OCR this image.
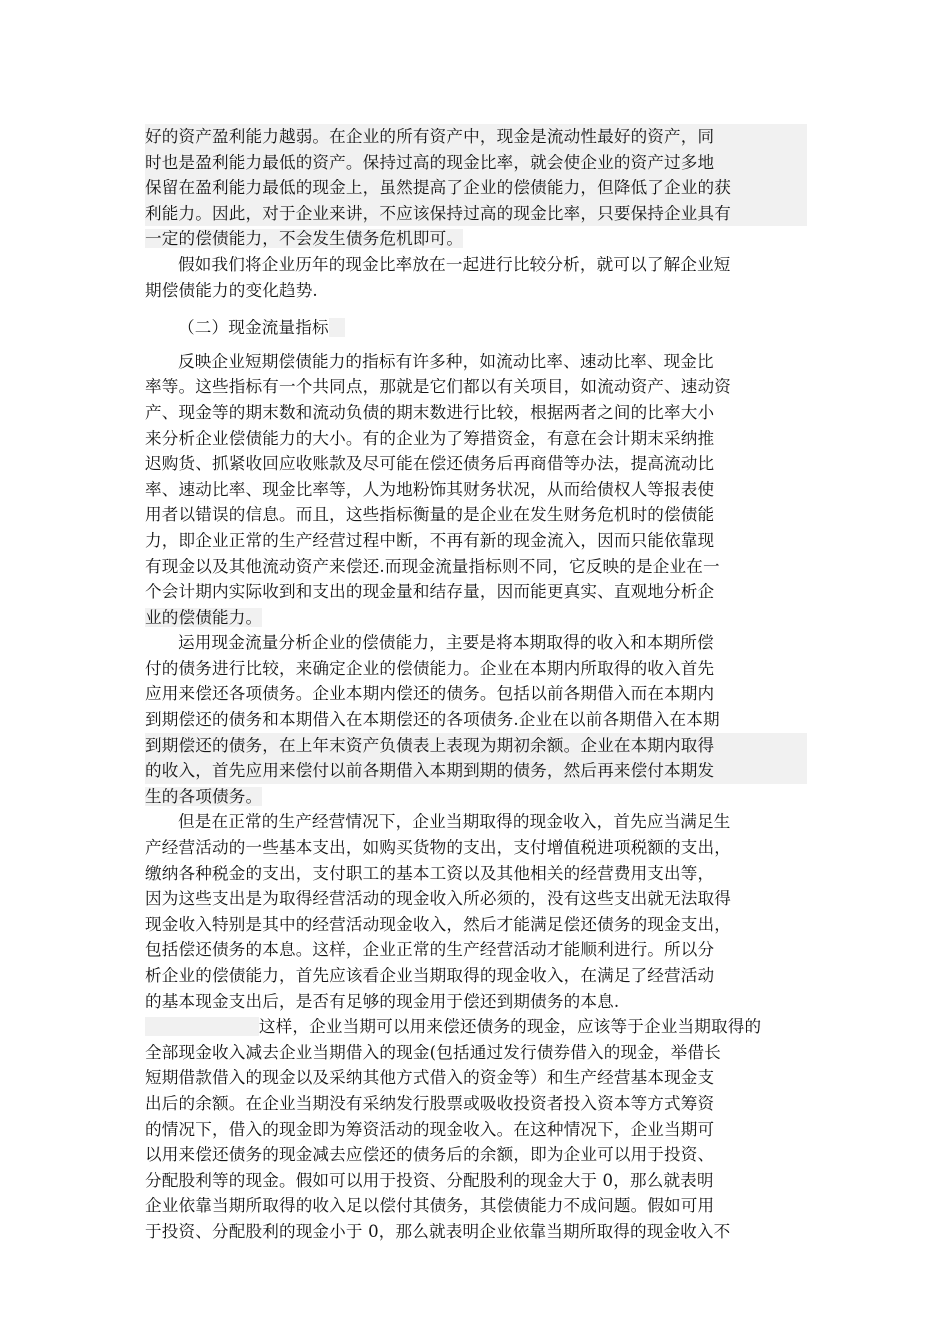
好的资产盈利能力越弱。在企业的所有资产中，现金是流动性最好的资产，同
时也是盈利能力最低的资产。保持过高的现金比率，就会使企业的资产过多地
保留在盈利能力最低的现金上，虽然提高了企业的偿债能力，但降低了企业的获
利能力。因此，对于企业来讲，不应该保持过高的现金比率，只要保持企业具有
一定的偿债能力，不会发生债务危机即可。
假如我们将企业历年的现金比率放在一起进行比较分析，就可以了解企业短
期偿债能力的变化趋势.
（二）现金流量指标
反映企业短期偿债能力的指标有许多种，如流动比率、速动比率、现金比
率等。这些指标有一个共同点，那就是它们都以有关项目，如流动资产、速动资
产、现金等的期末数和流动负债的期末数进行比较，根据两者之间的比率大小
来分析企业偿债能力的大小。有的企业为了筹措资金，有意在会计期末采纳推
迟购货、抓紧收回应收账款及尽可能在偿还债务后再商借等办法，提高流动比
率、速动比率、现金比率等，人为地粉饰其财务状况，从而给债权人等报表使
用者以错误的信息。而且，这些指标衡量的是企业在发生财务危机时的偿债能
力，即企业正常的生产经营过程中断，不再有新的现金流入，因而只能依靠现
有现金以及其他流动资产来偿还.而现金流量指标则不同，它反映的是企业在一
个会计期内实际收到和支出的现金量和结存量，因而能更真实、直观地分析企
业的偿债能力。
运用现金流量分析企业的偿债能力，主要是将本期取得的收入和本期所偿
付的债务进行比较，来确定企业的偿债能力。企业在本期内所取得的收入首先
应用来偿还各项债务。企业本期内偿还的债务。包括以前各期借入而在本期内
到期偿还的债务和本期借入在本期偿还的各项债务.企业在以前各期借入在本期
到期偿还的债务，在上年末资产负债表上表现为期初余额。企业在本期内取得
的收入，首先应用来偿付以前各期借入本期到期的债务，然后再来偿付本期发
生的各项债务。
但是在正常的生产经营情况下，企业当期取得的现金收入，首先应当满足生
产经营活动的一些基本支出，如购买货物的支出，支付增值税进项税额的支出，
缴纳各种税金的支出，支付职工的基本工资以及其他相关的经营费用支出等，
因为这些支出是为取得经营活动的现金收入所必须的，没有这些支出就无法取得
现金收入特别是其中的经营活动现金收入，然后才能满足偿还债务的现金支出，
包括偿还债务的本息。这样，企业正常的生产经营活动才能顺利进行。所以分
析企业的偿债能力，首先应该看企业当期取得的现金收入，在满足了经营活动
的基本现金支出后，是否有足够的现金用于偿还到期债务的本息.
这样，企业当期可以用来偿还债务的现金，应该等于企业当期取得的
全部现金收入减去企业当期借入的现金(包括通过发行债券借入的现金，举借长
短期借款借入的现金以及采纳其他方式借入的资金等）和生产经营基本现金支
出后的余额。在企业当期没有采纳发行股票或吸收投资者投入资本等方式筹资
的情况下，借入的现金即为筹资活动的现金收入。在这种情况下，企业当期可
以用来偿还债务的现金减去应偿还的债务后的余额，即为企业可以用于投资、
分配股利等的现金。假如可以用于投资、分配股利的现金大于 0，那么就表明
企业依靠当期所取得的收入足以偿付其债务，其偿债能力不成问题。假如可用
于投资、分配股利的现金小于 0，那么就表明企业依靠当期所取得的现金收入不
